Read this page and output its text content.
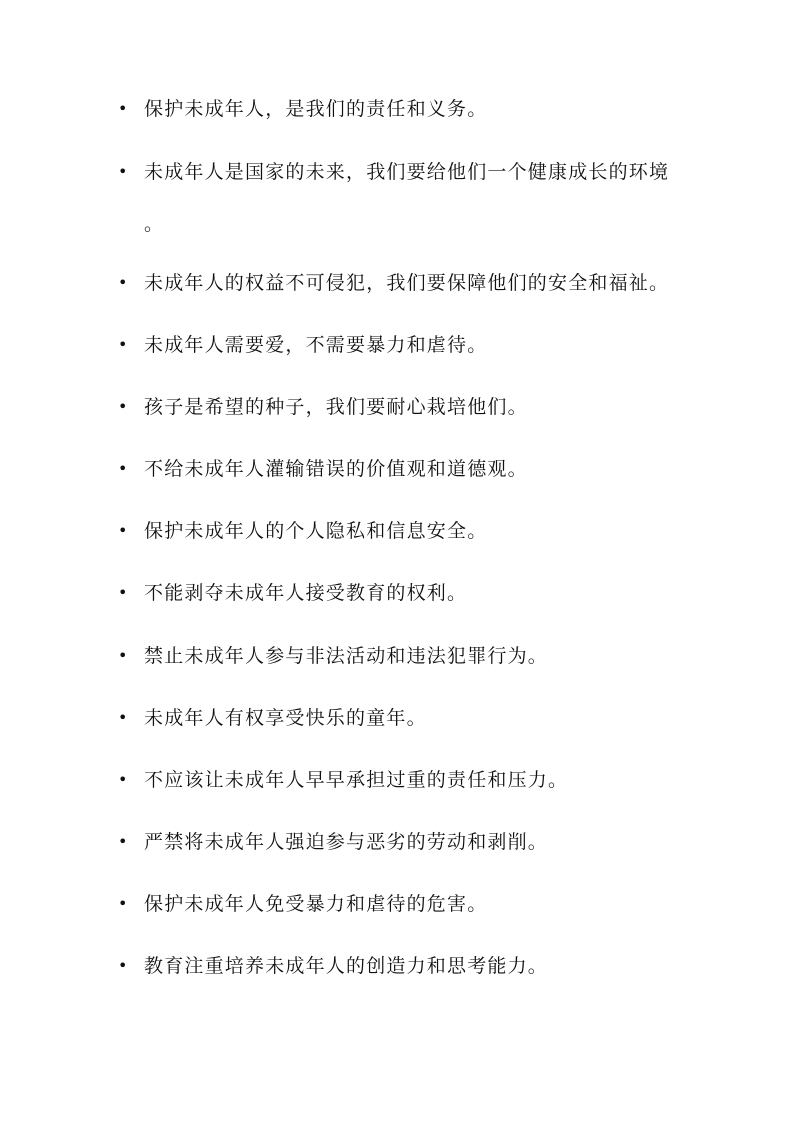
• 保护未成年人，是我们的责任和义务。
• 未成年人是国家的未来，我们要给他们一个健康成长的环境
。
• 未成年人的权益不可侵犯，我们要保障他们的安全和福祉。
• 未成年人需要爱，不需要暴力和虐待。
• 孩子是希望的种子，我们要耐心栽培他们。
• 不给未成年人灌输错误的价值观和道德观。
• 保护未成年人的个人隐私和信息安全。
• 不能剥夺未成年人接受教育的权利。
• 禁止未成年人参与非法活动和违法犯罪行为。
• 未成年人有权享受快乐的童年。
• 不应该让未成年人早早承担过重的责任和压力。
• 严禁将未成年人强迫参与恶劣的劳动和剥削。
• 保护未成年人免受暴力和虐待的危害。
• 教育注重培养未成年人的创造力和思考能力。
